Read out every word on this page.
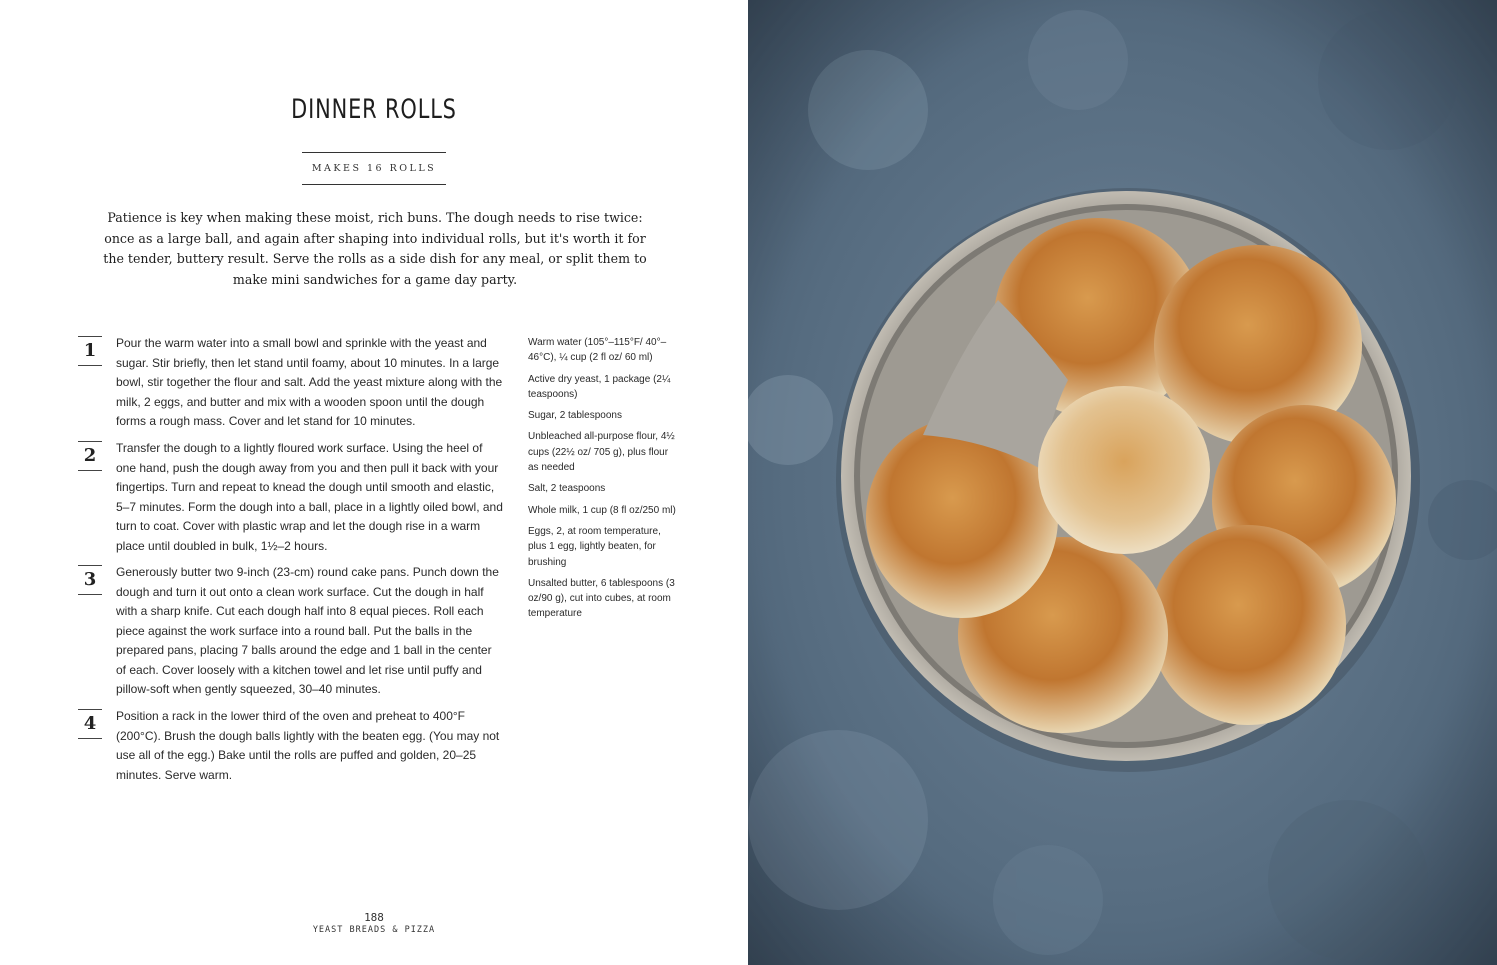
DINNER ROLLS
MAKES 16 ROLLS

Patience is key when making these moist, rich buns. The dough needs to rise twice: once as a large ball, and again after shaping into individual rolls, but it's worth it for the tender, buttery result. Serve the rolls as a side dish for any meal, or split them to make mini sandwiches for a game day party.

1	Pour the warm water into a small bowl and sprinkle with the yeast and sugar. Stir briefly, then let stand until foamy, about 10 minutes. In a large bowl, stir together the flour and salt. Add the yeast mixture along with the milk, 2 eggs, and butter and mix with a wooden spoon until the dough forms a rough mass. Cover and let stand for 10 minutes.
2	Transfer the dough to a lightly floured work surface. Using the heel of one hand, push the dough away from you and then pull it back with your fingertips. Turn and repeat to knead the dough until smooth and elastic, 5–7 minutes. Form the dough into a ball, place in a lightly oiled bowl, and turn to coat. Cover with plastic wrap and let the dough rise in a warm place until doubled in bulk, 1½–2 hours.
3	Generously butter two 9-inch (23-cm) round cake pans. Punch down the dough and turn it out onto a clean work surface. Cut the dough in half with a sharp knife. Cut each dough half into 8 equal pieces. Roll each piece against the work surface into a round ball. Put the balls in the prepared pans, placing 7 balls around the edge and 1 ball in the center of each. Cover loosely with a kitchen towel and let rise until puffy and pillow-soft when gently squeezed, 30–40 minutes.
4	Position a rack in the lower third of the oven and preheat to 400°F (200°C). Brush the dough balls lightly with the beaten egg. (You may not use all of the egg.) Bake until the rolls are puffed and golden, 20–25 minutes. Serve warm.

Warm water (105°–115°F/ 40°–46°C), ¼ cup (2 fl oz/ 60 ml)

Active dry yeast, 1 package (2¼ teaspoons)

Sugar, 2 tablespoons

Unbleached all-purpose flour, 4½ cups (22½ oz/ 705 g), plus flour as needed

Salt, 2 teaspoons

Whole milk, 1 cup (8 fl oz/250 ml)

Eggs, 2, at room temperature, plus 1 egg, lightly beaten, for brushing

Unsalted butter, 6 tablespoons (3 oz/90 g), cut into cubes, at room temperature

188
YEAST BREADS & PIZZA
